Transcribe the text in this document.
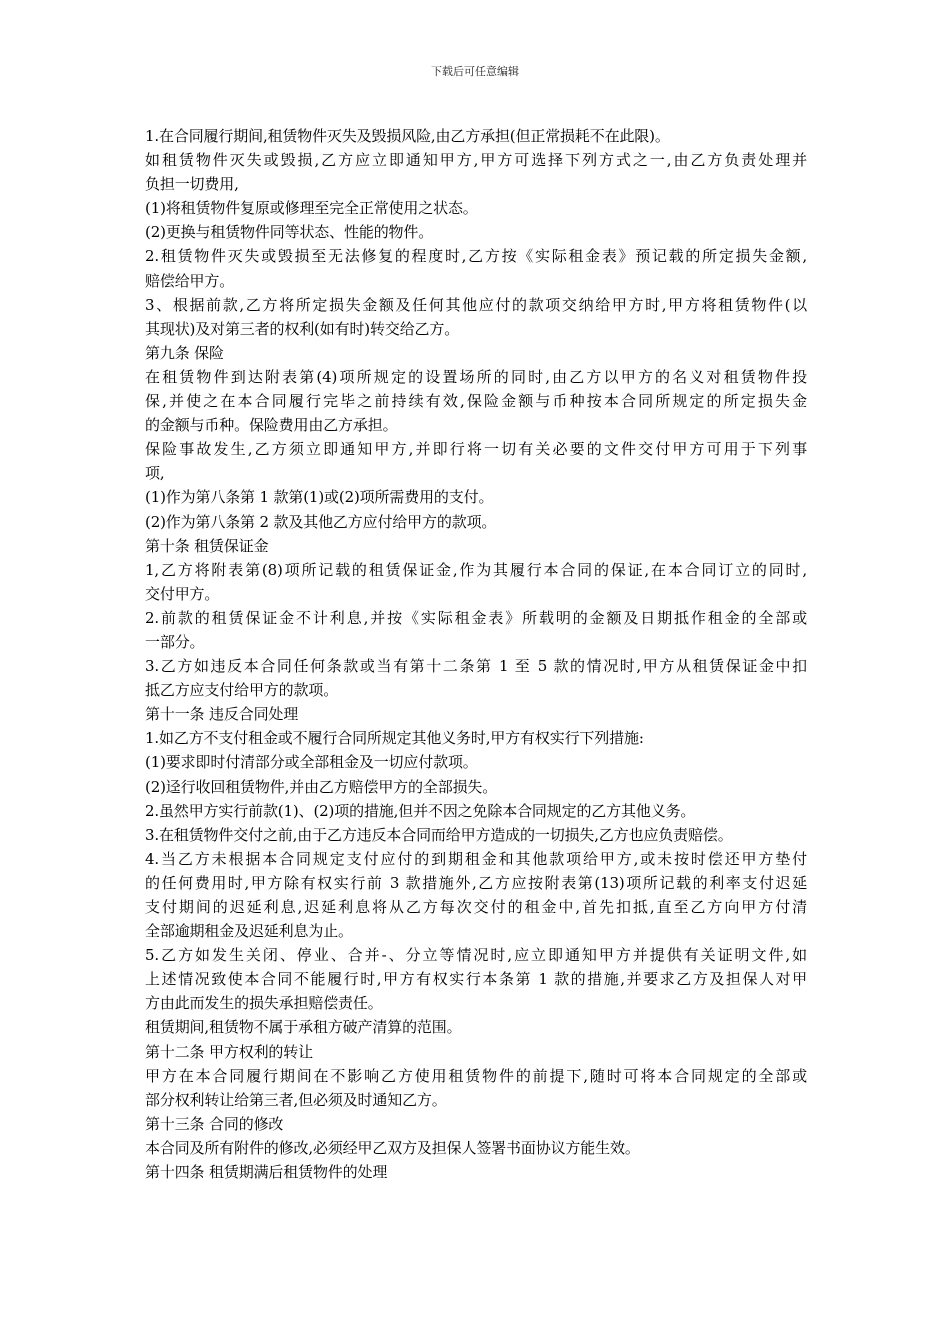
下载后可任意编辑
1.在合同履行期间,租赁物件灭失及毁损风险,由乙方承担(但正常损耗不在此限)。
如租赁物件灭失或毁损,乙方应立即通知甲方,甲方可选择下列方式之一,由乙方负责处理并
负担一切费用,
(1)将租赁物件复原或修理至完全正常使用之状态。
(2)更换与租赁物件同等状态、性能的物件。
2.租赁物件灭失或毁损至无法修复的程度时,乙方按《实际租金表》预记载的所定损失金额,
赔偿给甲方。
3、根据前款,乙方将所定损失金额及任何其他应付的款项交纳给甲方时,甲方将租赁物件(以
其现状)及对第三者的权利(如有时)转交给乙方。
第九条 保险
在租赁物件到达附表第(4)项所规定的设置场所的同时,由乙方以甲方的名义对租赁物件投
保,并使之在本合同履行完毕之前持续有效,保险金额与币种按本合同所规定的所定损失金
的金额与币种。保险费用由乙方承担。
保险事故发生,乙方须立即通知甲方,并即行将一切有关必要的文件交付甲方可用于下列事
项,
(1)作为第八条第 1 款第(1)或(2)项所需费用的支付。
(2)作为第八条第 2 款及其他乙方应付给甲方的款项。
第十条 租赁保证金
1,乙方将附表第(8)项所记载的租赁保证金,作为其履行本合同的保证,在本合同订立的同时,
交付甲方。
2.前款的租赁保证金不计利息,并按《实际租金表》所载明的金额及日期抵作租金的全部或
一部分。
3.乙方如违反本合同任何条款或当有第十二条第 1 至 5 款的情况时,甲方从租赁保证金中扣
抵乙方应支付给甲方的款项。
第十一条 违反合同处理
1.如乙方不支付租金或不履行合同所规定其他义务时,甲方有权实行下列措施:
(1)要求即时付清部分或全部租金及一切应付款项。
(2)迳行收回租赁物件,并由乙方赔偿甲方的全部损失。
2.虽然甲方实行前款(1)、(2)项的措施,但并不因之免除本合同规定的乙方其他义务。
3.在租赁物件交付之前,由于乙方违反本合同而给甲方造成的一切损失,乙方也应负责赔偿。
4.当乙方未根据本合同规定支付应付的到期租金和其他款项给甲方,或未按时偿还甲方垫付
的任何费用时,甲方除有权实行前 3 款措施外,乙方应按附表第(13)项所记载的利率支付迟延
支付期间的迟延利息,迟延利息将从乙方每次交付的租金中,首先扣抵,直至乙方向甲方付清
全部逾期租金及迟延利息为止。
5.乙方如发生关闭、停业、合并-、分立等情况时,应立即通知甲方并提供有关证明文件,如
上述情况致使本合同不能履行时,甲方有权实行本条第 1 款的措施,并要求乙方及担保人对甲
方由此而发生的损失承担赔偿责任。
租赁期间,租赁物不属于承租方破产清算的范围。
第十二条 甲方权利的转让
甲方在本合同履行期间在不影响乙方使用租赁物件的前提下,随时可将本合同规定的全部或
部分权利转让给第三者,但必须及时通知乙方。
第十三条 合同的修改
本合同及所有附件的修改,必须经甲乙双方及担保人签署书面协议方能生效。
第十四条 租赁期满后租赁物件的处理
